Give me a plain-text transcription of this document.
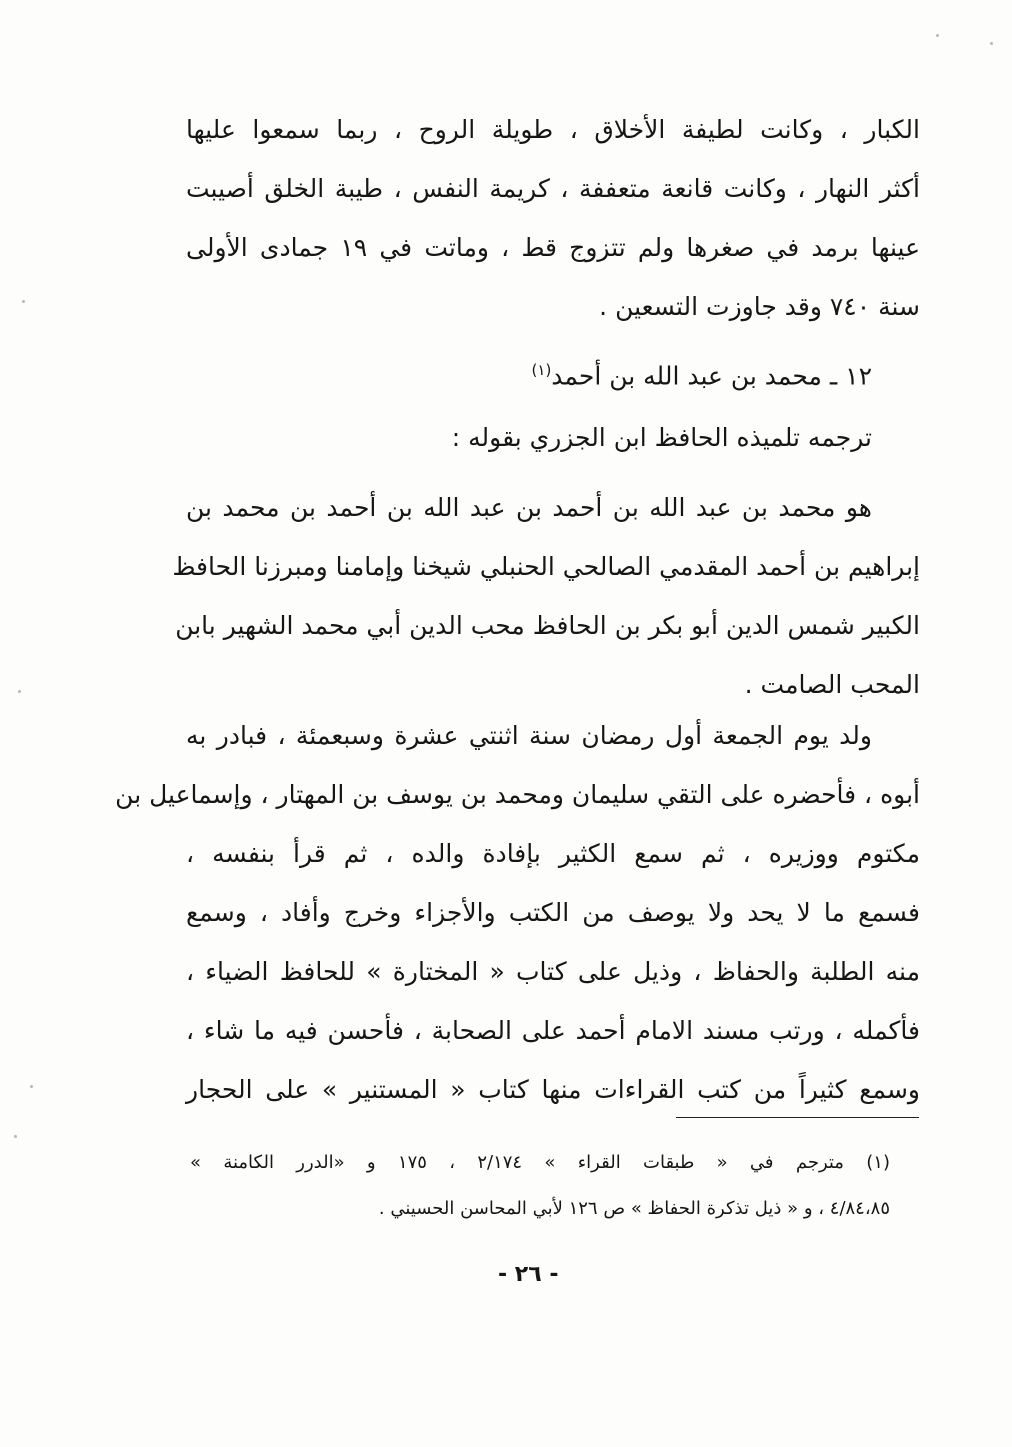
الكبار ، وكانت لطيفة الأخلاق ، طويلة الروح ، ربما سمعوا عليها
أكثر النهار ، وكانت قانعة متعففة ، كريمة النفس ، طيبة الخلق أصيبت
عينها برمد في صغرها ولم تتزوج قط ، وماتت في ١٩ جمادى الأولى
سنة ٧٤٠ وقد جاوزت التسعين .
١٢ ـ محمد بن عبد الله بن أحمد$^{(١)}$
ترجمه تلميذه الحافظ ابن الجزري بقوله :
هو محمد بن عبد الله بن أحمد بن عبد الله بن أحمد بن محمد بن
إبراهيم بن أحمد المقدمي الصالحي الحنبلي شيخنا وإمامنا ومبرزنا الحافظ
الكبير شمس الدين أبو بكر بن الحافظ محب الدين أبي محمد الشهير بابن
المحب الصامت .
ولد يوم الجمعة أول رمضان سنة اثنتي عشرة وسبعمئة ، فبادر به
أبوه ، فأحضره على التقي سليمان ومحمد بن يوسف بن المهتار ، وإسماعيل بن
مكتوم ووزيره ، ثم سمع الكثير بإفادة والده ، ثم قرأ بنفسه ،
فسمع ما لا يحد ولا يوصف من الكتب والأجزاء وخرج وأفاد ، وسمع
منه الطلبة والحفاظ ، وذيل على كتاب « المختارة » للحافظ الضياء ،
فأكمله ، ورتب مسند الامام أحمد على الصحابة ، فأحسن فيه ما شاء ،
وسمع كثيراً من كتب القراءات منها كتاب « المستنير » على الحجار
(١) مترجم في « طبقات القراء » ٢/١٧٤ ، ١٧٥ و «الدرر الكامنة »
٤/٨٤،٨٥ ، و « ذيل تذكرة الحفاظ » ص ١٢٦ لأبي المحاسن الحسيني .
- ٢٦ -
